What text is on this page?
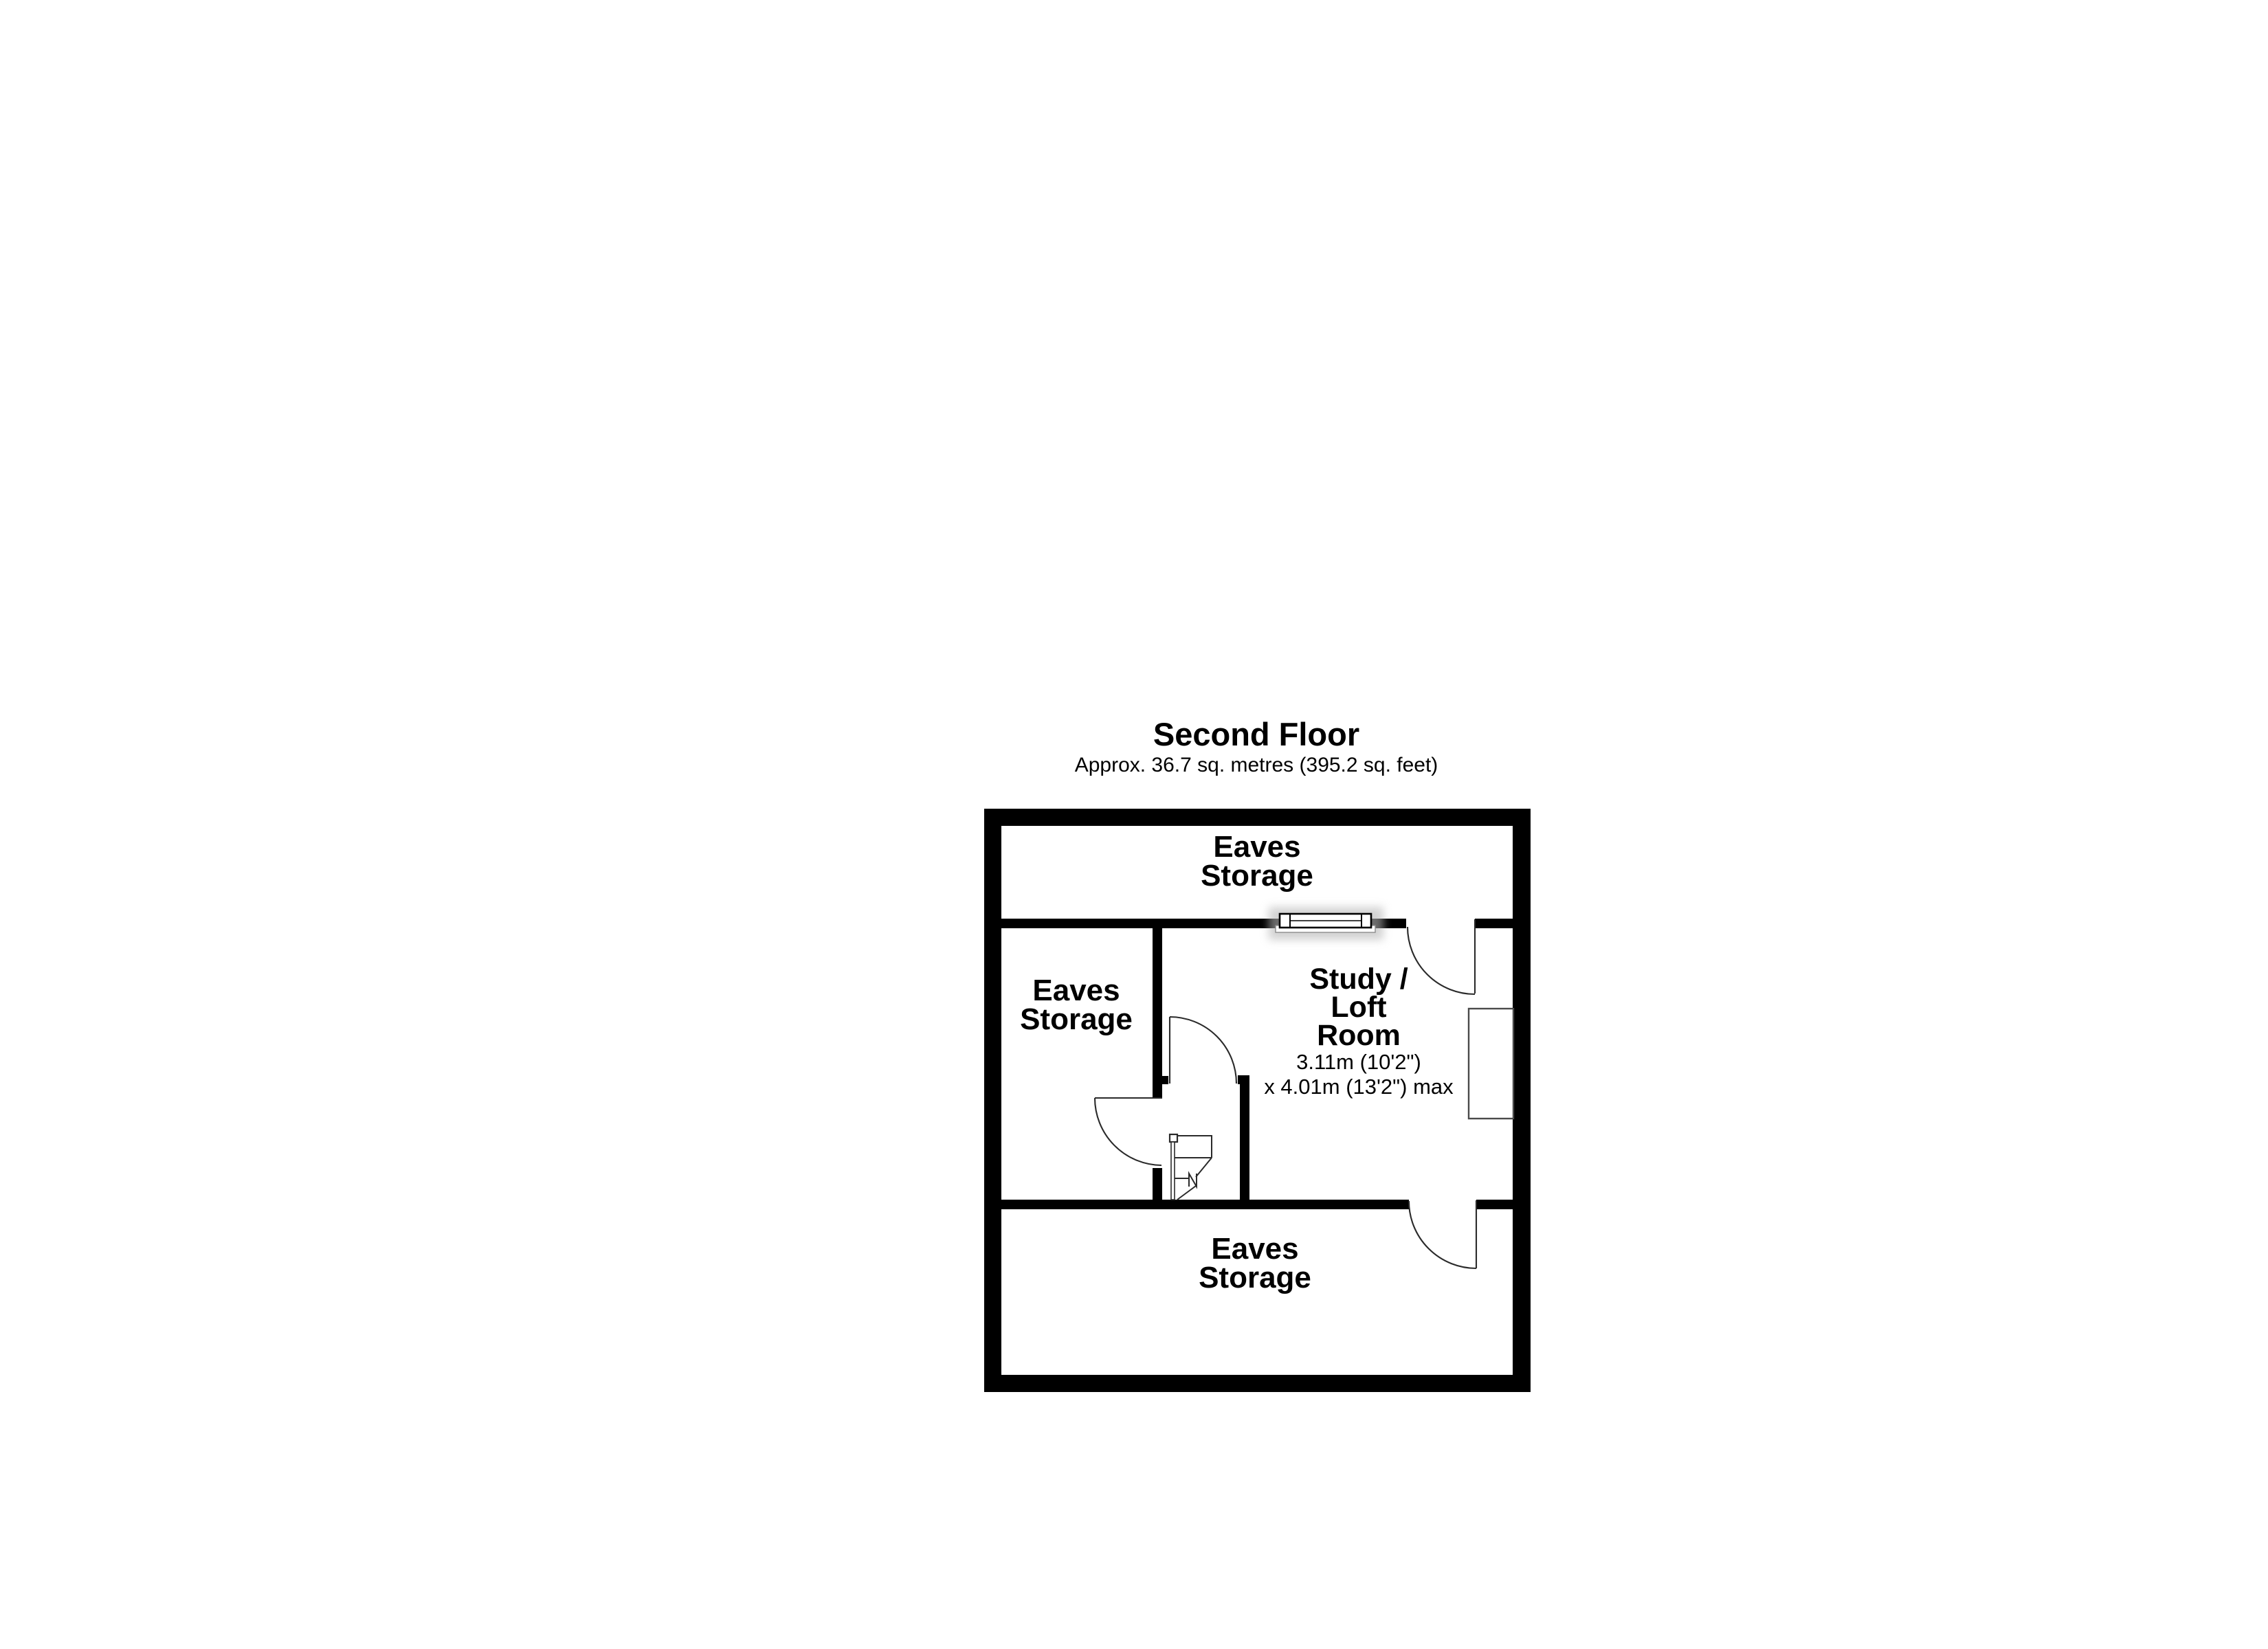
Second Floor
Approx. 36.7 sq. metres (395.2 sq. feet)
Eaves
Storage
Eaves
Storage
Study /
Loft
Room
3.11m (10'2")
x 4.01m (13'2") max
Eaves
Storage
